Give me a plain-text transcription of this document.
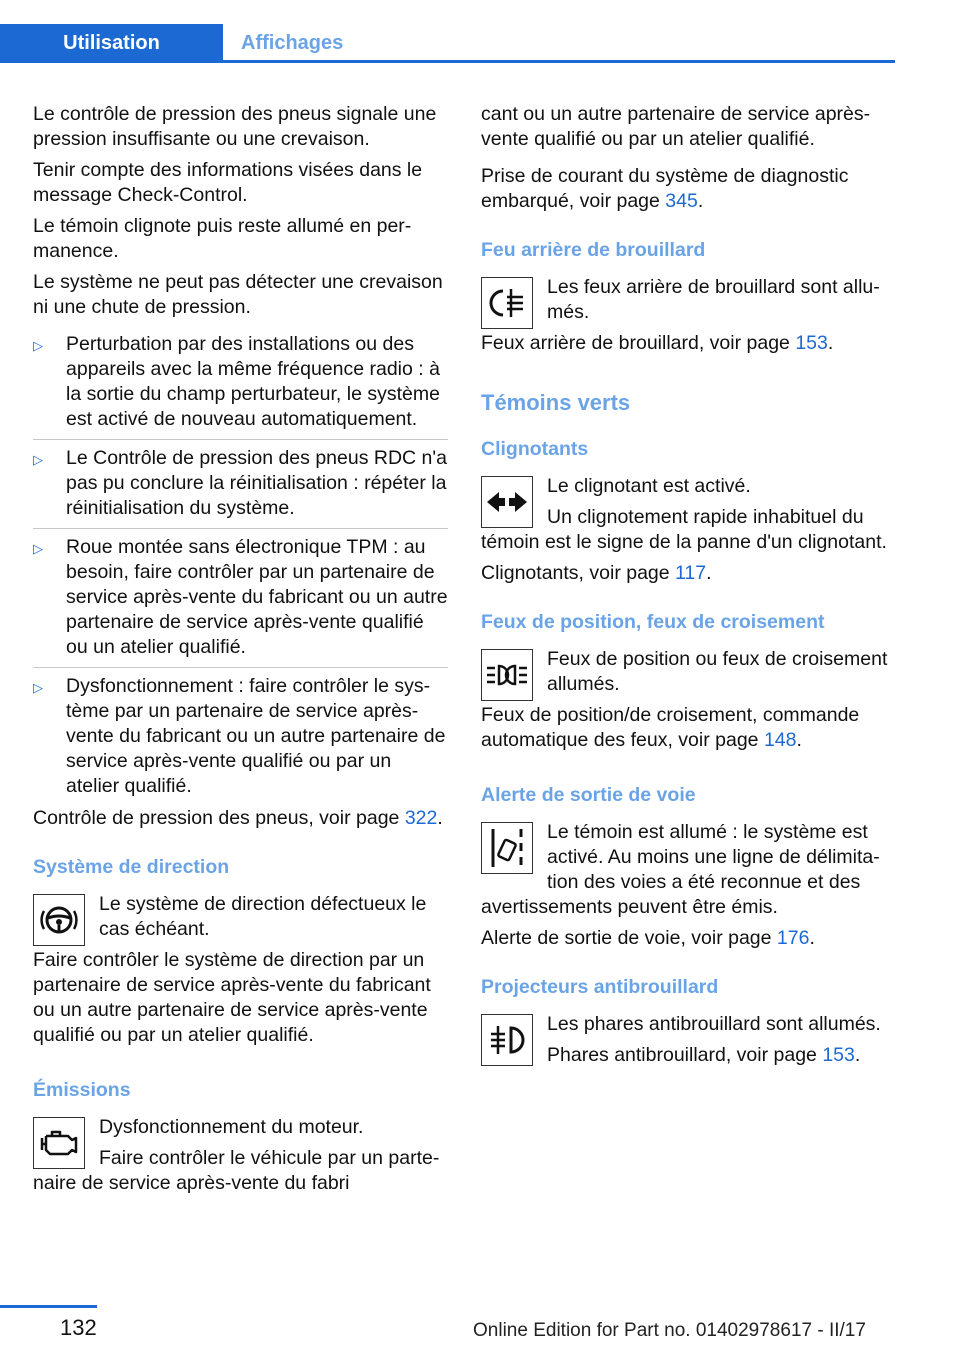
Utilisation	Affichages

Le contrôle de pression des pneus signale une pression insuffisante ou une crevaison.

Tenir compte des informations visées dans le message Check-Control.

Le témoin clignote puis reste allumé en permanence.

Le système ne peut pas détecter une crevaison ni une chute de pression.

▷	Perturbation par des installations ou des appareils avec la même fréquence radio : à la sortie du champ perturbateur, le système est activé de nouveau automatiquement.
▷	Le Contrôle de pression des pneus RDC n'a pas pu conclure la réinitialisation : répéter la réinitialisation du système.
▷	Roue montée sans électronique TPM : au besoin, faire contrôler par un partenaire de service après-vente du fabricant ou un autre partenaire de service après-vente qualifié ou un atelier qualifié.
▷	Dysfonctionnement : faire contrôler le système par un partenaire de service après-vente du fabricant ou un autre partenaire de service après-vente qualifié ou par un atelier qualifié.

Contrôle de pression des pneus, voir page 322.

Système de direction

Le système de direction défectueux le cas échéant.

Faire contrôler le système de direction par un partenaire de service après-vente du fabricant ou un autre partenaire de service après-vente qualifié ou par un atelier qualifié.

Émissions

Dysfonctionnement du moteur.

Faire contrôler le véhicule par un partenaire de service après-vente du fabri

cant ou un autre partenaire de service après-vente qualifié ou par un atelier qualifié.

Prise de courant du système de diagnostic embarqué, voir page 345.

Feu arrière de brouillard

Les feux arrière de brouillard sont allumés.

Feux arrière de brouillard, voir page 153.

Témoins verts
Clignotants

Le clignotant est activé.

Un clignotement rapide inhabituel du témoin est le signe de la panne d'un clignotant.

Clignotants, voir page 117.

Feux de position, feux de croisement

Feux de position ou feux de croisement allumés.

Feux de position/de croisement, commande automatique des feux, voir page 148.

Alerte de sortie de voie

Le témoin est allumé : le système est activé. Au moins une ligne de délimitation des voies a été reconnue et des avertissements peuvent être émis.

Alerte de sortie de voie, voir page 176.

Projecteurs antibrouillard

Les phares antibrouillard sont allumés.

Phares antibrouillard, voir page 153.

132	Online Edition for Part no. 01402978617 - II/17
